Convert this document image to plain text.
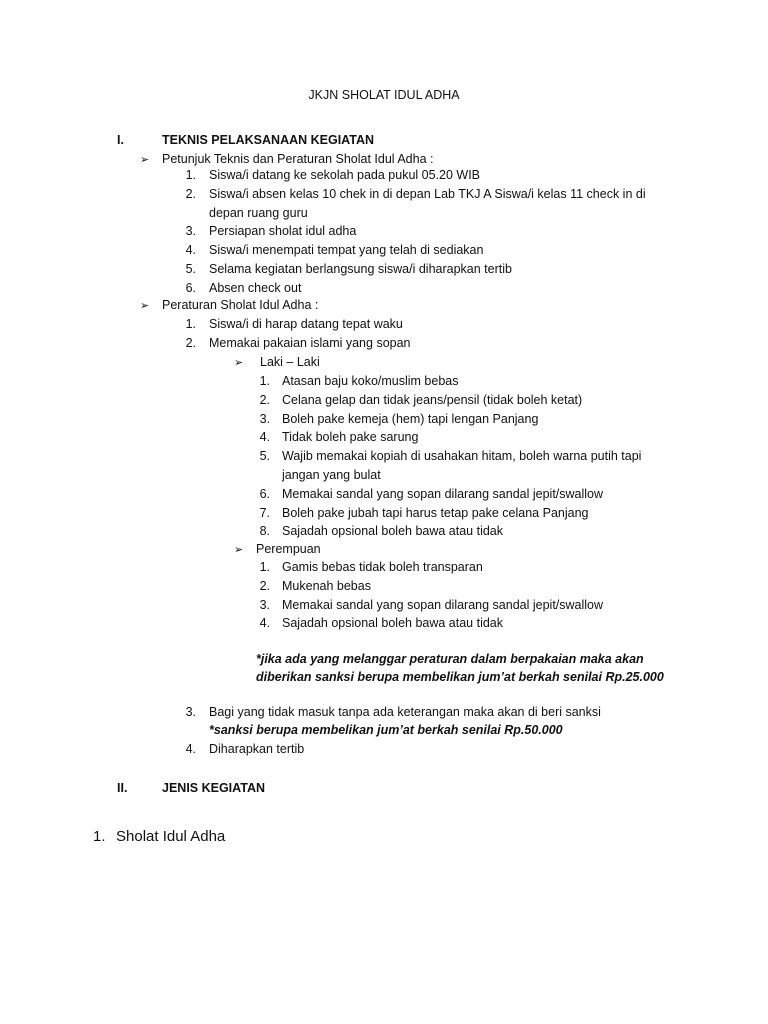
JKJN SHOLAT IDUL ADHA
I.	TEKNIS PELAKSANAAN KEGIATAN
➢ Petunjuk Teknis dan Peraturan Sholat Idul Adha :
1. Siswa/i datang ke sekolah pada pukul 05.20 WIB
2. Siswa/i absen kelas 10 chek in di depan Lab TKJ A Siswa/i kelas 11 check in di
depan ruang guru
3. Persiapan sholat idul adha
4. Siswa/i menempati tempat yang telah di sediakan
5. Selama kegiatan berlangsung siswa/i diharapkan tertib
6. Absen check out
➢ Peraturan Sholat Idul Adha :
1. Siswa/i di harap datang tepat waku
2. Memakai pakaian islami yang sopan
➢ Laki – Laki
1. Atasan baju koko/muslim bebas
2. Celana gelap dan tidak jeans/pensil (tidak boleh ketat)
3. Boleh pake kemeja (hem) tapi lengan Panjang
4. Tidak boleh pake sarung
5. Wajib memakai kopiah di usahakan hitam, boleh warna putih tapi
jangan yang bulat
6. Memakai sandal yang sopan dilarang sandal jepit/swallow
7. Boleh pake jubah tapi harus tetap pake celana Panjang
8. Sajadah opsional boleh bawa atau tidak
➢ Perempuan
1. Gamis bebas tidak boleh transparan
2. Mukenah bebas
3. Memakai sandal yang sopan dilarang sandal jepit/swallow
4. Sajadah opsional boleh bawa atau tidak
*jika ada yang melanggar peraturan dalam berpakaian maka akan
diberikan sanksi berupa membelikan jum’at berkah senilai Rp.25.000
3. Bagi yang tidak masuk tanpa ada keterangan maka akan di beri sanksi
*sanksi berupa membelikan jum’at berkah senilai Rp.50.000
4. Diharapkan tertib
II.	JENIS KEGIATAN
1. Sholat Idul Adha
